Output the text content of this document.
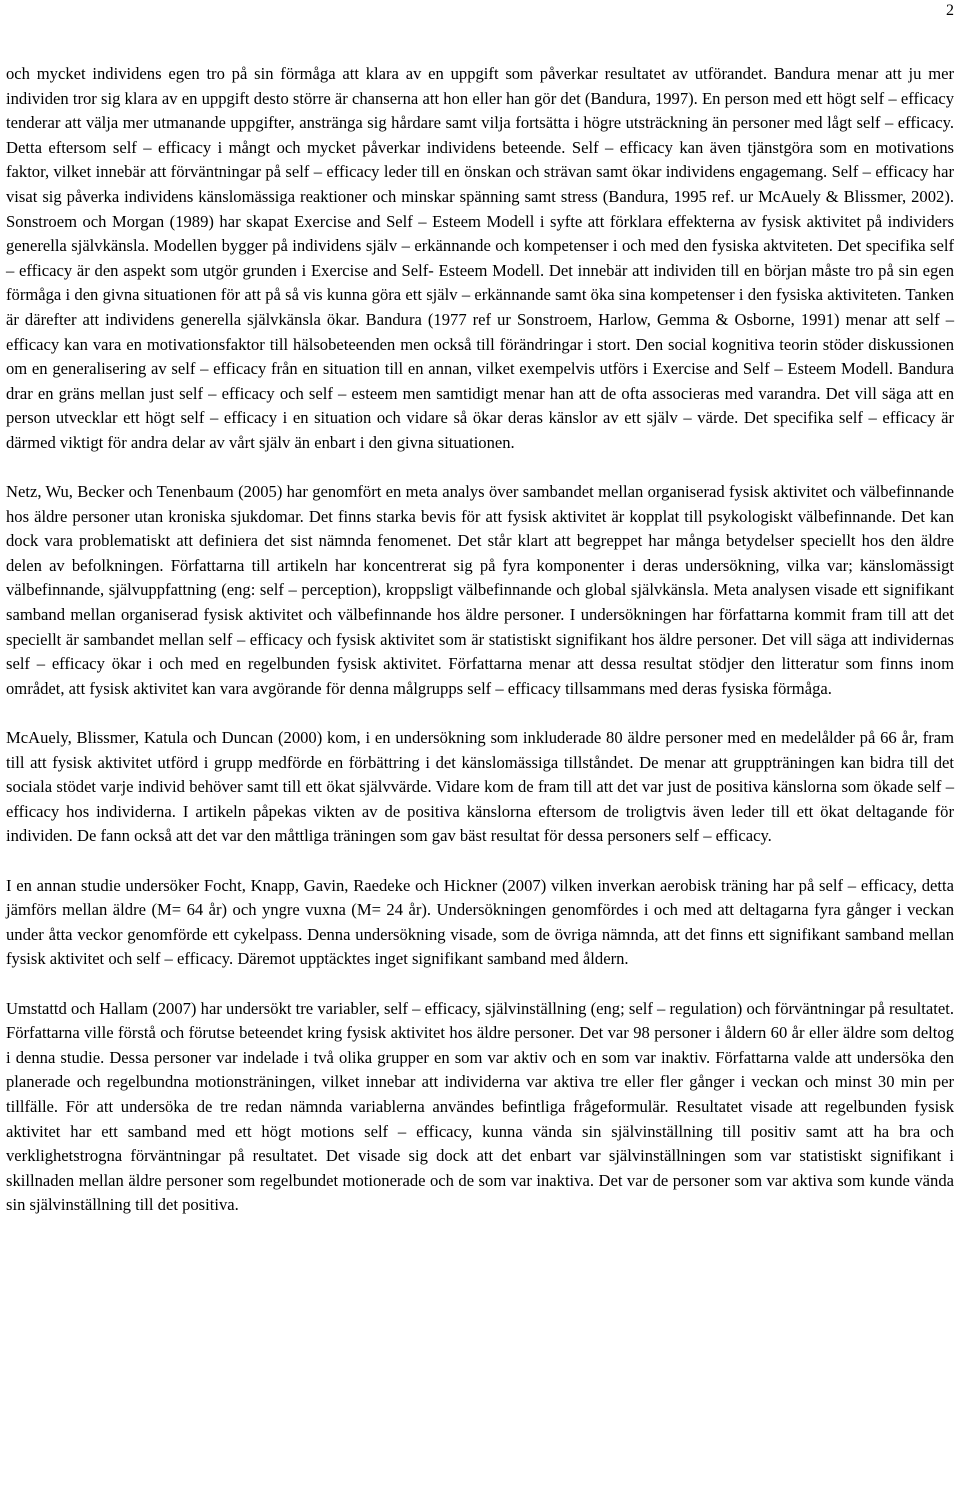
2

och mycket individens egen tro på sin förmåga att klara av en uppgift som påverkar resultatet av utförandet. Bandura menar att ju mer individen tror sig klara av en uppgift desto större är chanserna att hon eller han gör det (Bandura, 1997). En person med ett högt self – efficacy tenderar att välja mer utmanande uppgifter, anstränga sig hårdare samt vilja fortsätta i högre utsträckning än personer med lågt self – efficacy. Detta eftersom self – efficacy i mångt och mycket påverkar individens beteende. Self – efficacy kan även tjänstgöra som en motivations faktor, vilket innebär att förväntningar på self – efficacy leder till en önskan och strävan samt ökar individens engagemang. Self – efficacy har visat sig påverka individens känslomässiga reaktioner och minskar spänning samt stress (Bandura, 1995 ref. ur McAuely & Blissmer, 2002). Sonstroem och Morgan (1989) har skapat Exercise and Self – Esteem Modell i syfte att förklara effekterna av fysisk aktivitet på individers generella självkänsla. Modellen bygger på individens själv – erkännande och kompetenser i och med den fysiska aktviteten. Det specifika self – efficacy är den aspekt som utgör grunden i Exercise and Self- Esteem Modell. Det innebär att individen till en början måste tro på sin egen förmåga i den givna situationen för att på så vis kunna göra ett själv – erkännande samt öka sina kompetenser i den fysiska aktiviteten. Tanken är därefter att individens generella självkänsla ökar. Bandura (1977 ref ur Sonstroem, Harlow, Gemma & Osborne, 1991) menar att self – efficacy kan vara en motivationsfaktor till hälsobeteenden men också till förändringar i stort. Den social kognitiva teorin stöder diskussionen om en generalisering av self – efficacy från en situation till en annan, vilket exempelvis utförs i Exercise and Self – Esteem Modell. Bandura drar en gräns mellan just self – efficacy och self – esteem men samtidigt menar han att de ofta associeras med varandra. Det vill säga att en person utvecklar ett högt self – efficacy i en situation och vidare så ökar deras känslor av ett själv – värde. Det specifika self – efficacy är därmed viktigt för andra delar av vårt själv än enbart i den givna situationen.

Netz, Wu, Becker och Tenenbaum (2005) har genomfört en meta analys över sambandet mellan organiserad fysisk aktivitet och välbefinnande hos äldre personer utan kroniska sjukdomar. Det finns starka bevis för att fysisk aktivitet är kopplat till psykologiskt välbefinnande. Det kan dock vara problematiskt att definiera det sist nämnda fenomenet. Det står klart att begreppet har många betydelser speciellt hos den äldre delen av befolkningen. Författarna till artikeln har koncentrerat sig på fyra komponenter i deras undersökning, vilka var; känslomässigt välbefinnande, självuppfattning (eng: self – perception), kroppsligt välbefinnande och global självkänsla. Meta analysen visade ett signifikant samband mellan organiserad fysisk aktivitet och välbefinnande hos äldre personer. I undersökningen har författarna kommit fram till att det speciellt är sambandet mellan self – efficacy och fysisk aktivitet som är statistiskt signifikant hos äldre personer. Det vill säga att individernas self – efficacy ökar i och med en regelbunden fysisk aktivitet. Författarna menar att dessa resultat stödjer den litteratur som finns inom området, att fysisk aktivitet kan vara avgörande för denna målgrupps self – efficacy tillsammans med deras fysiska förmåga.

McAuely, Blissmer, Katula och Duncan (2000) kom, i en undersökning som inkluderade 80 äldre personer med en medelålder på 66 år, fram till att fysisk aktivitet utförd i grupp medförde en förbättring i det känslomässiga tillståndet. De menar att gruppträningen kan bidra till det sociala stödet varje individ behöver samt till ett ökat självvärde. Vidare kom de fram till att det var just de positiva känslorna som ökade self – efficacy hos individerna. I artikeln påpekas vikten av de positiva känslorna eftersom de troligtvis även leder till ett ökat deltagande för individen. De fann också att det var den måttliga träningen som gav bäst resultat för dessa personers self – efficacy.

I en annan studie undersöker Focht, Knapp, Gavin, Raedeke och Hickner (2007) vilken inverkan aerobisk träning har på self – efficacy, detta jämförs mellan äldre (M= 64 år) och yngre vuxna (M= 24 år). Undersökningen genomfördes i och med att deltagarna fyra gånger i veckan under åtta veckor genomförde ett cykelpass. Denna undersökning visade, som de övriga nämnda, att det finns ett signifikant samband mellan fysisk aktivitet och self – efficacy. Däremot upptäcktes inget signifikant samband med åldern.

Umstattd och Hallam (2007) har undersökt tre variabler, self – efficacy, självinställning (eng; self – regulation) och förväntningar på resultatet. Författarna ville förstå och förutse beteendet kring fysisk aktivitet hos äldre personer. Det var 98 personer i åldern 60 år eller äldre som deltog i denna studie. Dessa personer var indelade i två olika grupper en som var aktiv och en som var inaktiv. Författarna valde att undersöka den planerade och regelbundna motionsträningen, vilket innebar att individerna var aktiva tre eller fler gånger i veckan och minst 30 min per tillfälle. För att undersöka de tre redan nämnda variablerna användes befintliga frågeformulär. Resultatet visade att regelbunden fysisk aktivitet har ett samband med ett högt motions self – efficacy, kunna vända sin självinställning till positiv samt att ha bra och verklighetstrogna förväntningar på resultatet. Det visade sig dock att det enbart var självinställningen som var statistiskt signifikant i skillnaden mellan äldre personer som regelbundet motionerade och de som var inaktiva. Det var de personer som var aktiva som kunde vända sin självinställning till det positiva.
